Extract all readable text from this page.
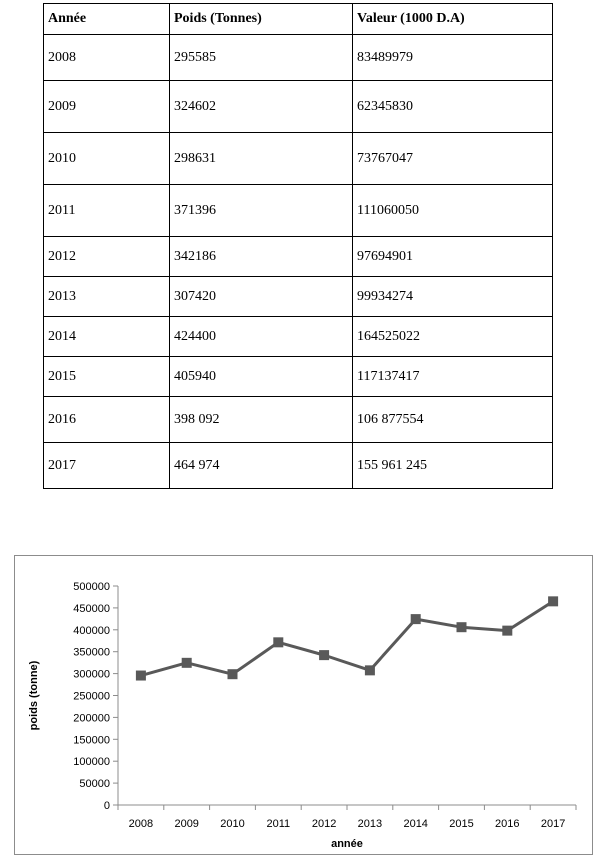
Année	Poids (Tonnes)	Valeur (1000 D.A)
2008	295585	83489979
2009	324602	62345830
2010	298631	73767047
2011	371396	111060050
2012	342186	97694901
2013	307420	99934274
2014	424400	164525022
2015	405940	117137417
2016	398 092	106 877554
2017	464 974	155 961 245
0
50000
100000
150000
200000
250000
300000
350000
400000
450000
500000
2008 2009 2010 2011 2012 2013 2014 2015 2016 2017
poids (tonne)
année
